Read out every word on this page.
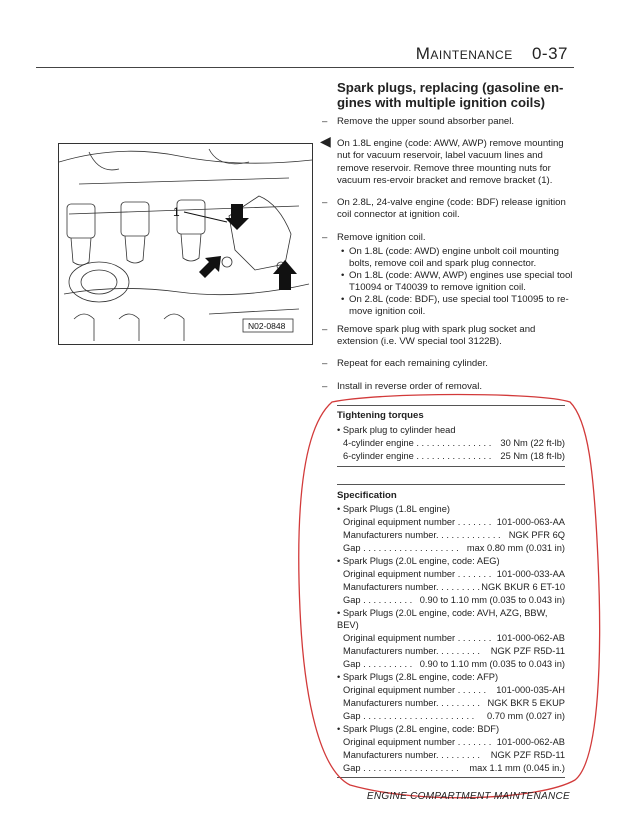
Maintenance 0-37
1
N02-0848
Spark plugs, replacing (gasoline en-gines with multiple ignition coils)
–	Remove the upper sound absorber panel.
◀ On 1.8L engine (code: AWW, AWP) remove mounting nut for vacuum reservoir, label vacuum lines and remove reservoir. Remove three mounting nuts for vacuum res-ervoir bracket and remove bracket (1).
–	On 2.8L, 24-valve engine (code: BDF) release ignition coil connector at ignition coil.
–	Remove ignition coil.
• On 1.8L (code: AWD) engine unbolt coil mounting bolts, remove coil and spark plug connector.
• On 1.8L (code: AWW, AWP) engines use special tool T10094 or T40039 to remove ignition coil.
• On 2.8L (code: BDF), use special tool T10095 to re-move ignition coil.
–	Remove spark plug with spark plug socket and extension (i.e. VW special tool 3122B).
–	Repeat for each remaining cylinder.
–	Install in reverse order of removal.
Tightening torques
• Spark plug to cylinder head
4-cylinder engine . . . . . . . . . . . . . . . 30 Nm (22 ft-lb)
6-cylinder engine . . . . . . . . . . . . . . . 25 Nm (18 ft-lb)
Specification
• Spark Plugs (1.8L engine)
Original equipment number . . . . . . . 101-000-063-AA
Manufacturers number. . . . . . . . . . . . . NGK PFR 6Q
Gap . . . . . . . . . . . . . . . . . . . max 0.80 mm (0.031 in)
• Spark Plugs (2.0L engine, code: AEG)
Original equipment number . . . . . . . 101-000-033-AA
Manufacturers number. . . . . . . . . NGK BKUR 6 ET-10
Gap . . . . . . . . . . 0.90 to 1.10 mm (0.035 to 0.043 in)
• Spark Plugs (2.0L engine, code: AVH, AZG, BBW, BEV)
Original equipment number . . . . . . . 101-000-062-AB
Manufacturers number. . . . . . . . . NGK PZF R5D-11
Gap . . . . . . . . . . 0.90 to 1.10 mm (0.035 to 0.043 in)
• Spark Plugs (2.8L engine, code: AFP)
Original equipment number . . . . . . 101-000-035-AH
Manufacturers number. . . . . . . . . NGK BKR 5 EKUP
Gap . . . . . . . . . . . . . . . . . . . . . . 0.70 mm (0.027 in)
• Spark Plugs (2.8L engine, code: BDF)
Original equipment number . . . . . . . 101-000-062-AB
Manufacturers number. . . . . . . . . NGK PZF R5D-11
Gap . . . . . . . . . . . . . . . . . . . max 1.1 mm (0.045 in.)
ENGINE COMPARTMENT MAINTENANCE
